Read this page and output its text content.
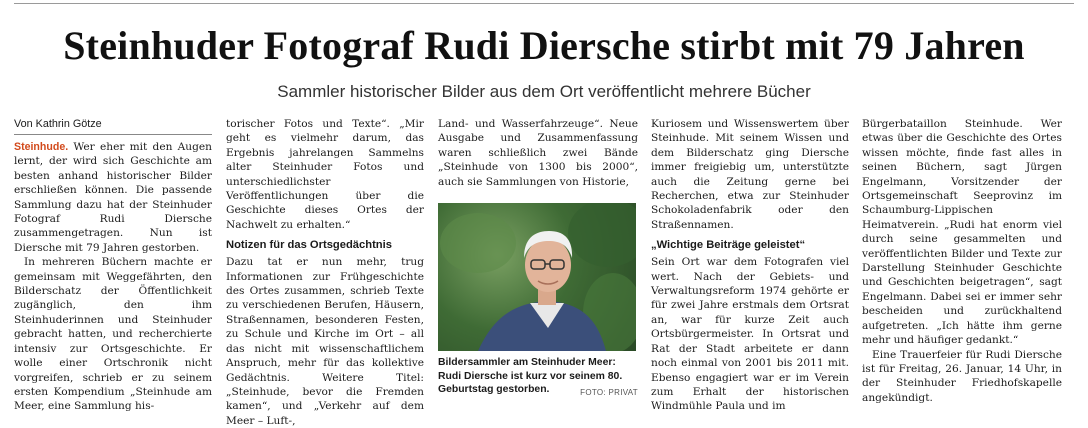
Steinhuder Fotograf Rudi Diersche stirbt mit 79 Jahren
Sammler historischer Bilder aus dem Ort veröffentlicht mehrere Bücher
Von Kathrin Götze

Steinhude. Wer eher mit den Augen lernt, der wird sich Geschichte am besten anhand historischer Bilder erschließen können. Die passende Sammlung dazu hat der Steinhuder Fotograf Rudi Diersche zusammengetragen. Nun ist Diersche mit 79 Jahren gestorben.

In mehreren Büchern machte er gemeinsam mit Weggefährten, den Bilderschatz der Öffentlichkeit zugänglich, den ihm Steinhuderinnen und Steinhuder gebracht hatten, und recherchierte intensiv zur Ortsgeschichte. Er wolle einer Ortschronik nicht vorgreifen, schrieb er zu seinem ersten Kompendium „Steinhude am Meer, eine Sammlung his-

torischer Fotos und Texte“. „Mir geht es vielmehr darum, das Ergebnis jahrelangen Sammelns alter Steinhuder Fotos und unterschiedlichster Veröffentlichungen über die Geschichte dieses Ortes der Nachwelt zu erhalten.“

Notizen für das Ortsgedächtnis

Dazu tat er nun mehr, trug Informationen zur Frühgeschichte des Ortes zusammen, schrieb Texte zu verschiedenen Berufen, Häusern, Straßennamen, besonderen Festen, zu Schule und Kirche im Ort – all das nicht mit wissenschaftlichem Anspruch, mehr für das kollektive Gedächtnis. Weitere Titel: „Steinhude, bevor die Fremden kamen“, und „Verkehr auf dem Meer – Luft-,

Land- und Wasserfahrzeuge“. Neue Ausgabe und Zusammenfassung waren schließlich zwei Bände „Steinhude von 1300 bis 2000“, auch sie Sammlungen von Historie,

Bildersammler am Steinhuder Meer: Rudi Diersche ist kurz vor seinem 80. Geburtstag gestorben.	FOTO: PRIVAT

Kuriosem und Wissenswertem über Steinhude. Mit seinem Wissen und dem Bilderschatz ging Diersche immer freigiebig um, unterstützte auch die Zeitung gerne bei Recherchen, etwa zur Steinhuder Schokoladenfabrik oder den Straßennamen.

„Wichtige Beiträge geleistet“

Sein Ort war dem Fotografen viel wert. Nach der Gebiets- und Verwaltungsreform 1974 gehörte er für zwei Jahre erstmals dem Ortsrat an, war für kurze Zeit auch Ortsbürgermeister. In Ortsrat und Rat der Stadt arbeitete er dann noch einmal von 2001 bis 2011 mit. Ebenso engagiert war er im Verein zum Erhalt der historischen Windmühle Paula und im

Bürgerbataillon Steinhude. Wer etwas über die Geschichte des Ortes wissen möchte, finde fast alles in seinen Büchern, sagt Jürgen Engelmann, Vorsitzender der Ortsgemeinschaft Seeprovinz im Schaumburg-Lippischen Heimatverein. „Rudi hat enorm viel durch seine gesammelten und veröffentlichten Bilder und Texte zur Darstellung Steinhuder Geschichte und Geschichten beigetragen“, sagt Engelmann. Dabei sei er immer sehr bescheiden und zurückhaltend aufgetreten. „Ich hätte ihm gerne mehr und häufiger gedankt.“

Eine Trauerfeier für Rudi Diersche ist für Freitag, 26. Januar, 14 Uhr, in der Steinhuder Friedhofskapelle angekündigt.
